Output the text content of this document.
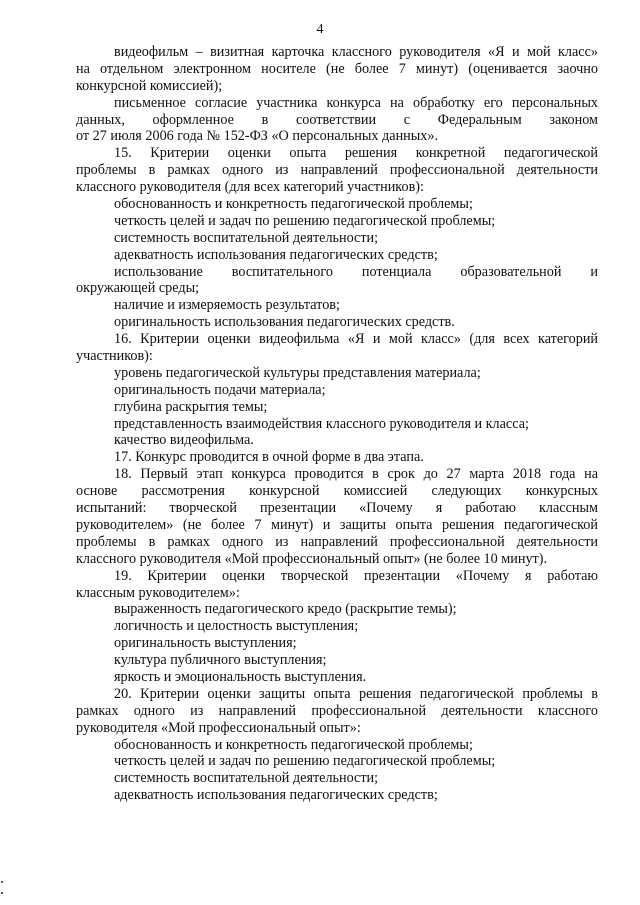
4
видеофильм – визитная карточка классного руководителя «Я и мой класс»
на отдельном электронном носителе (не более 7 минут) (оценивается заочно
конкурсной комиссией);
письменное согласие участника конкурса на обработку его персональных
данных, оформленное в соответствии с Федеральным законом
от 27 июля 2006 года № 152-ФЗ «О персональных данных».
15. Критерии оценки опыта решения конкретной педагогической
проблемы в рамках одного из направлений профессиональной деятельности
классного руководителя (для всех категорий участников):
обоснованность и конкретность педагогической проблемы;
четкость целей и задач по решению педагогической проблемы;
системность воспитательной деятельности;
адекватность использования педагогических средств;
использование воспитательного потенциала образовательной и
окружающей среды;
наличие и измеряемость результатов;
оригинальность использования педагогических средств.
16. Критерии оценки видеофильма «Я и мой класс» (для всех категорий
участников):
уровень педагогической культуры представления материала;
оригинальность подачи материала;
глубина раскрытия темы;
представленность взаимодействия классного руководителя и класса;
качество видеофильма.
17. Конкурс проводится в очной форме в два этапа.
18. Первый этап конкурса проводится в срок до 27 марта 2018 года на
основе рассмотрения конкурсной комиссией следующих конкурсных
испытаний: творческой презентации «Почему я работаю классным
руководителем» (не более 7 минут) и защиты опыта решения педагогической
проблемы в рамках одного из направлений профессиональной деятельности
классного руководителя «Мой профессиональный опыт» (не более 10 минут).
19. Критерии оценки творческой презентации «Почему я работаю
классным руководителем»:
выраженность педагогического кредо (раскрытие темы);
логичность и целостность выступления;
оригинальность выступления;
культура публичного выступления;
яркость и эмоциональность выступления.
20. Критерии оценки защиты опыта решения педагогической проблемы в
рамках одного из направлений профессиональной деятельности классного
руководителя «Мой профессиональный опыт»:
обоснованность и конкретность педагогической проблемы;
четкость целей и задач по решению педагогической проблемы;
системность воспитательной деятельности;
адекватность использования педагогических средств;
